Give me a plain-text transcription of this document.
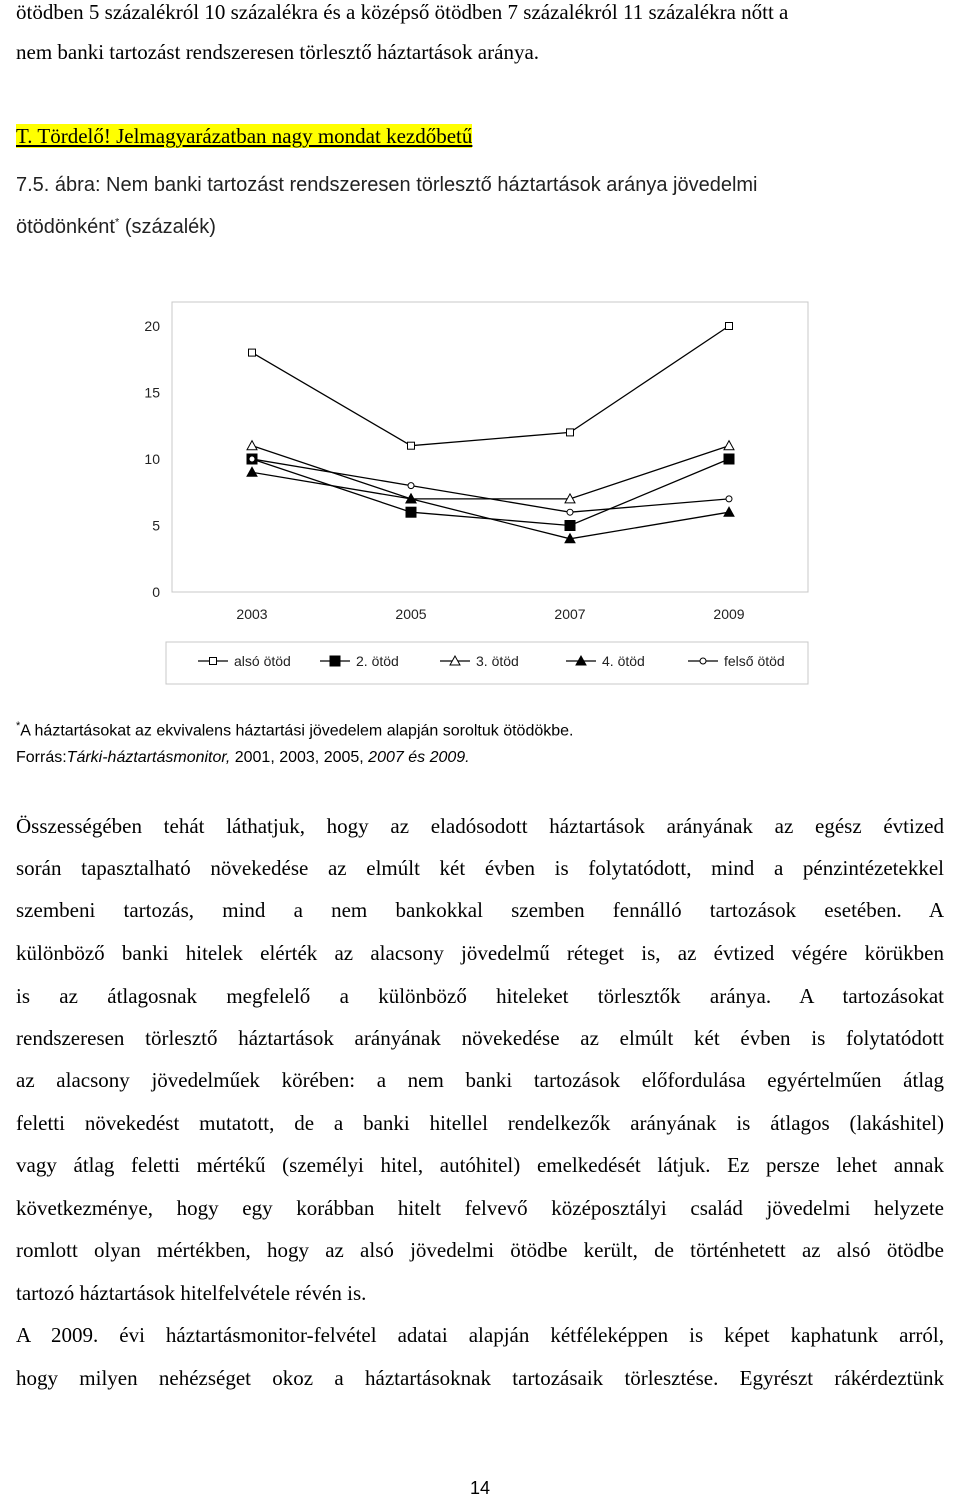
ötödben 5 százalékról 10 százalékra és a középső ötödben 7 százalékról 11 százalékra nőtt a
nem banki tartozást rendszeresen törlesztő háztartások aránya.
T. Tördelő! Jelmagyarázatban nagy mondat kezdőbetű
7.5. ábra: Nem banki tartozást rendszeresen törlesztő háztartások aránya jövedelmi
ötödönként* (százalék)
0
5
10
15
20
2003	2005	2007	2009
alsó ötöd	2. ötöd	3. ötöd	4. ötöd	felső ötöd
*A háztartásokat az ekvivalens háztartási jövedelem alapján soroltuk ötödökbe.
Forrás:Tárki-háztartásmonitor, 2001, 2003, 2005, 2007 és 2009.
Összességében tehát láthatjuk, hogy az eladósodott háztartások arányának az egész évtized
során tapasztalható növekedése az elmúlt két évben is folytatódott, mind a pénzintézetekkel
szembeni tartozás, mind a nem bankokkal szemben fennálló tartozások esetében. A
különböző banki hitelek elérték az alacsony jövedelmű réteget is, az évtized végére körükben
is az átlagosnak megfelelő a különböző hiteleket törlesztők aránya. A tartozásokat
rendszeresen törlesztő háztartások arányának növekedése az elmúlt két évben is folytatódott
az alacsony jövedelműek körében: a nem banki tartozások előfordulása egyértelműen átlag
feletti növekedést mutatott, de a banki hitellel rendelkezők arányának is átlagos (lakáshitel)
vagy átlag feletti mértékű (személyi hitel, autóhitel) emelkedését látjuk. Ez persze lehet annak
következménye, hogy egy korábban hitelt felvevő középosztályi család jövedelmi helyzete
romlott olyan mértékben, hogy az alsó jövedelmi ötödbe került, de történhetett az alsó ötödbe
tartozó háztartások hitelfelvétele révén is.
A 2009. évi háztartásmonitor-felvétel adatai alapján kétféleképpen is képet kaphatunk arról,
hogy milyen nehézséget okoz a háztartásoknak tartozásaik törlesztése. Egyrészt rákérdeztünk
14
